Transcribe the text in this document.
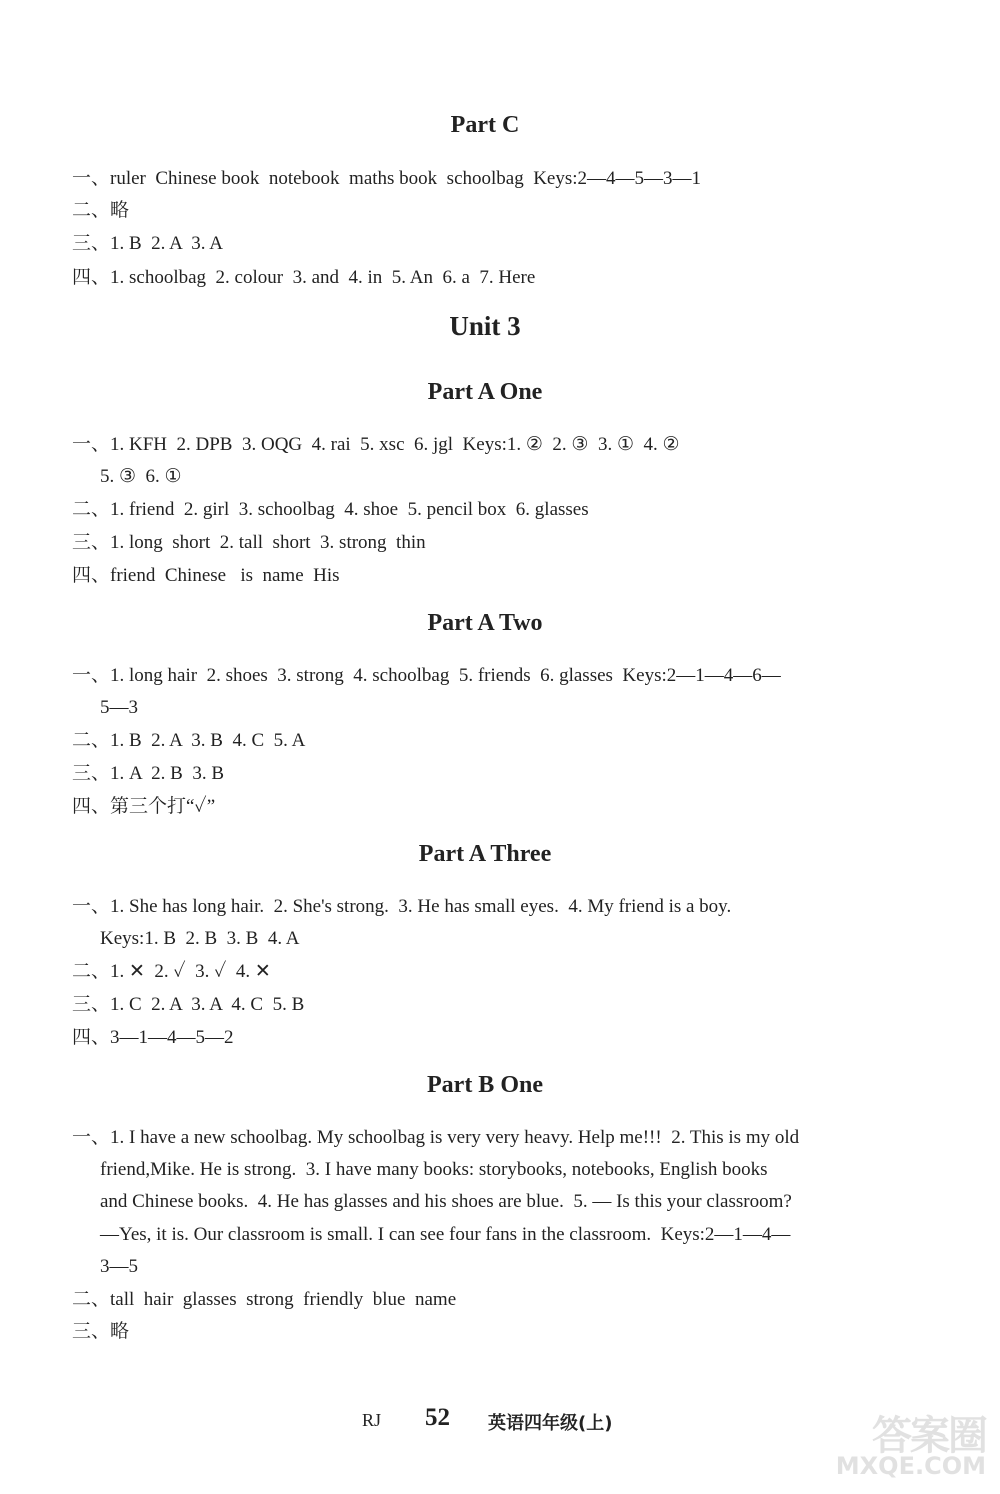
Part C
一、ruler  Chinese book  notebook  maths book  schoolbag  Keys:2—4—5—3—1
二、略
三、1. B  2. A  3. A
四、1. schoolbag  2. colour  3. and  4. in  5. An  6. a  7. Here
Unit 3
Part A One
一、1. KFH  2. DPB  3. OQG  4. rai  5. xsc  6. jgl  Keys:1. ②  2. ③  3. ①  4. ②
5. ③  6. ①
二、1. friend  2. girl  3. schoolbag  4. shoe  5. pencil box  6. glasses
三、1. long  short  2. tall  short  3. strong  thin
四、friend  Chinese   is  name  His
Part A Two
一、1. long hair  2. shoes  3. strong  4. schoolbag  5. friends  6. glasses  Keys:2—1—4—6—
5—3
二、1. B  2. A  3. B  4. C  5. A
三、1. A  2. B  3. B
四、第三个打“✓”
Part A Three
一、1. She has long hair.  2. She's strong.  3. He has small eyes.  4. My friend is a boy.
Keys:1. B  2. B  3. B  4. A
二、1. ✕  2. ✓  3. ✓  4. ✕
三、1. C  2. A  3. A  4. C  5. B
四、3—1—4—5—2
Part B One
一、1. I have a new schoolbag. My schoolbag is very very heavy. Help me!!!  2. This is my old
friend,Mike. He is strong.  3. I have many books: storybooks, notebooks, English books
and Chinese books.  4. He has glasses and his shoes are blue.  5. — Is this your classroom?
—Yes, it is. Our classroom is small. I can see four fans in the classroom.  Keys:2—1—4—
3—5
二、tall  hair  glasses  strong  friendly  blue  name
三、略
RJ 52 英语四年级(上)	答案圈
MXQE.COM
